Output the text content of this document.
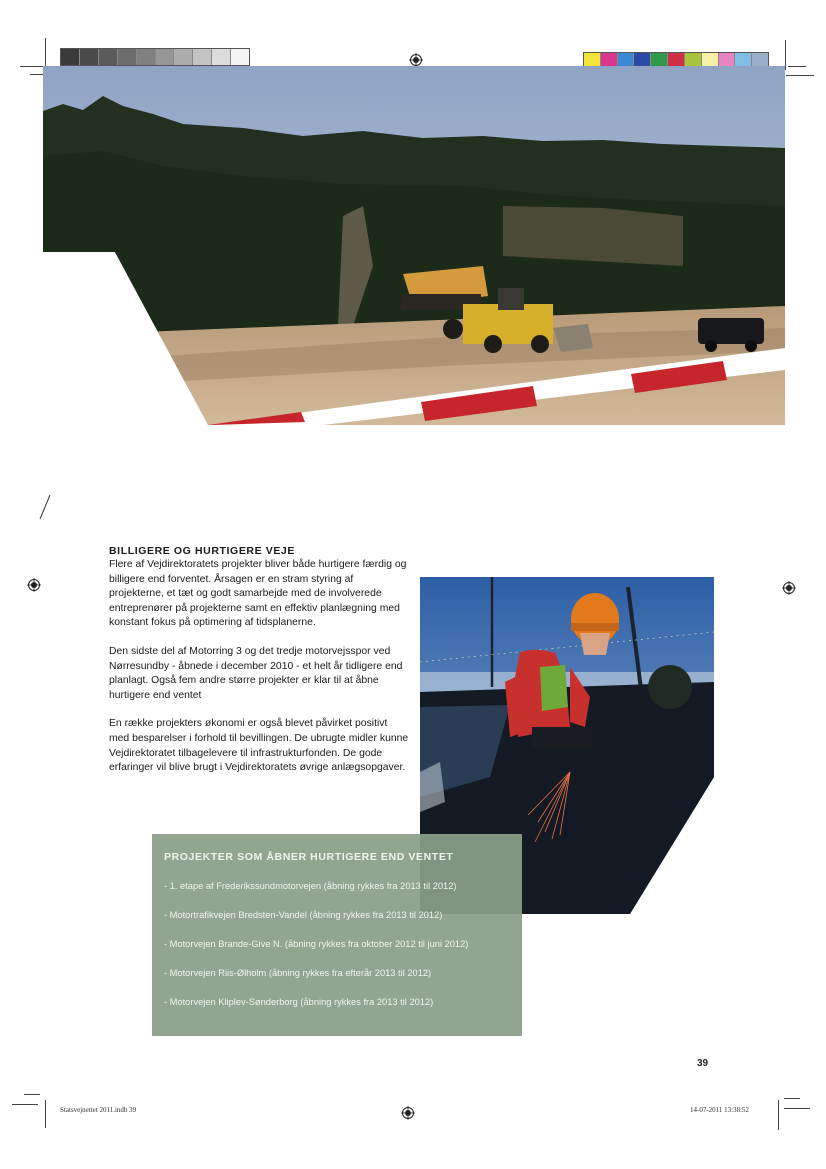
BILLIGERE OG HURTIGERE VEJE

Flere af Vejdirektoratets projekter bliver både hurtigere færdig og billigere end forventet. Årsagen er en stram styring af projekterne, et tæt og godt samarbejde med de involverede entreprenører på projekterne samt en effektiv planlægning med konstant fokus på optimering af tidsplanerne.

Den sidste del af Motorring 3 og det tredje motorvejsspor ved Nørresundby - åbnede i december 2010 - et helt år tidligere end planlagt. Også fem andre større projekter er klar til at åbne hurtigere end ventet

En række projekters økonomi er også blevet påvirket positivt med besparelser i forhold til bevillingen. De ubrugte midler kunne Vejdirektoratet tilbagelevere til infrastrukturfonden. De gode erfaringer vil blive brugt i Vejdirektoratets øvrige anlægsopgaver.

PROJEKTER SOM ÅBNER HURTIGERE END VENTET
- 1. etape af Frederikssundmotorvejen (åbning rykkes fra 2013 til 2012)
- Motortrafikvejen Bredsten-Vandel (åbning rykkes fra 2013 til 2012)
- Motorvejen Brande-Give N. (åbning rykkes fra oktober 2012 til juni 2012)
- Motorvejen Riis-Ølholm (åbning rykkes fra efterår 2013 til 2012)
- Motorvejen Kliplev-Sønderborg (åbning rykkes fra 2013 til 2012)
39
Statsvejnettet 2011.indb 39	14-07-2011 13:38:52
